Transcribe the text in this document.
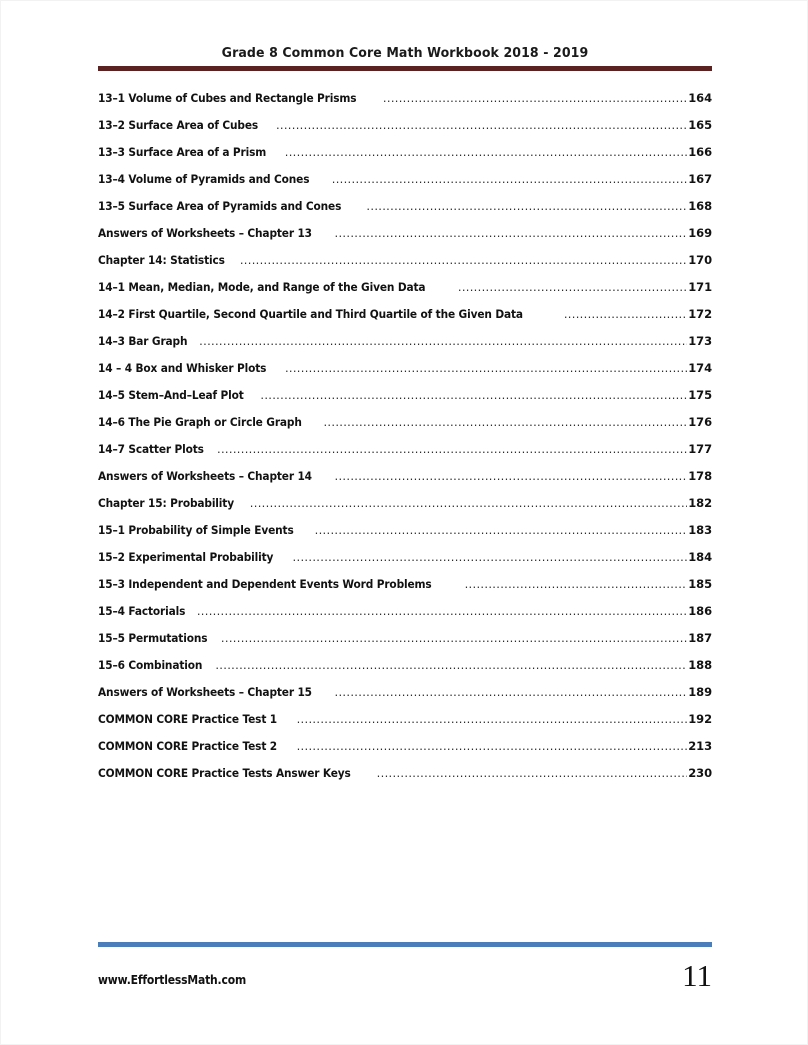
Grade 8 Common Core Math Workbook 2018 - 2019
13–1 Volume of Cubes and Rectangle Prisms .....	164
13–2 Surface Area of Cubes .....	165
13–3 Surface Area of a Prism .....	166
13–4 Volume of Pyramids and Cones .....	167
13–5 Surface Area of Pyramids and Cones .....	168
Answers of Worksheets – Chapter 13 .....	169
Chapter 14: Statistics .....	170
14–1 Mean, Median, Mode, and Range of the Given Data .....	171
14–2 First Quartile, Second Quartile and Third Quartile of the Given Data .....	172
14–3 Bar Graph .....	173
14 – 4 Box and Whisker Plots .....	174
14–5 Stem–And–Leaf Plot .....	175
14–6 The Pie Graph or Circle Graph .....	176
14–7 Scatter Plots .....	177
Answers of Worksheets – Chapter 14 .....	178
Chapter 15: Probability .....	182
15–1 Probability of Simple Events .....	183
15–2 Experimental Probability .....	184
15–3 Independent and Dependent Events Word Problems .....	185
15–4 Factorials .....	186
15–5 Permutations .....	187
15–6 Combination .....	188
Answers of Worksheets – Chapter 15 .....	189
COMMON CORE Practice Test 1 .....	192
COMMON CORE Practice Test 2 .....	213
COMMON CORE Practice Tests Answer Keys .....	230
www.EffortlessMath.com	11
